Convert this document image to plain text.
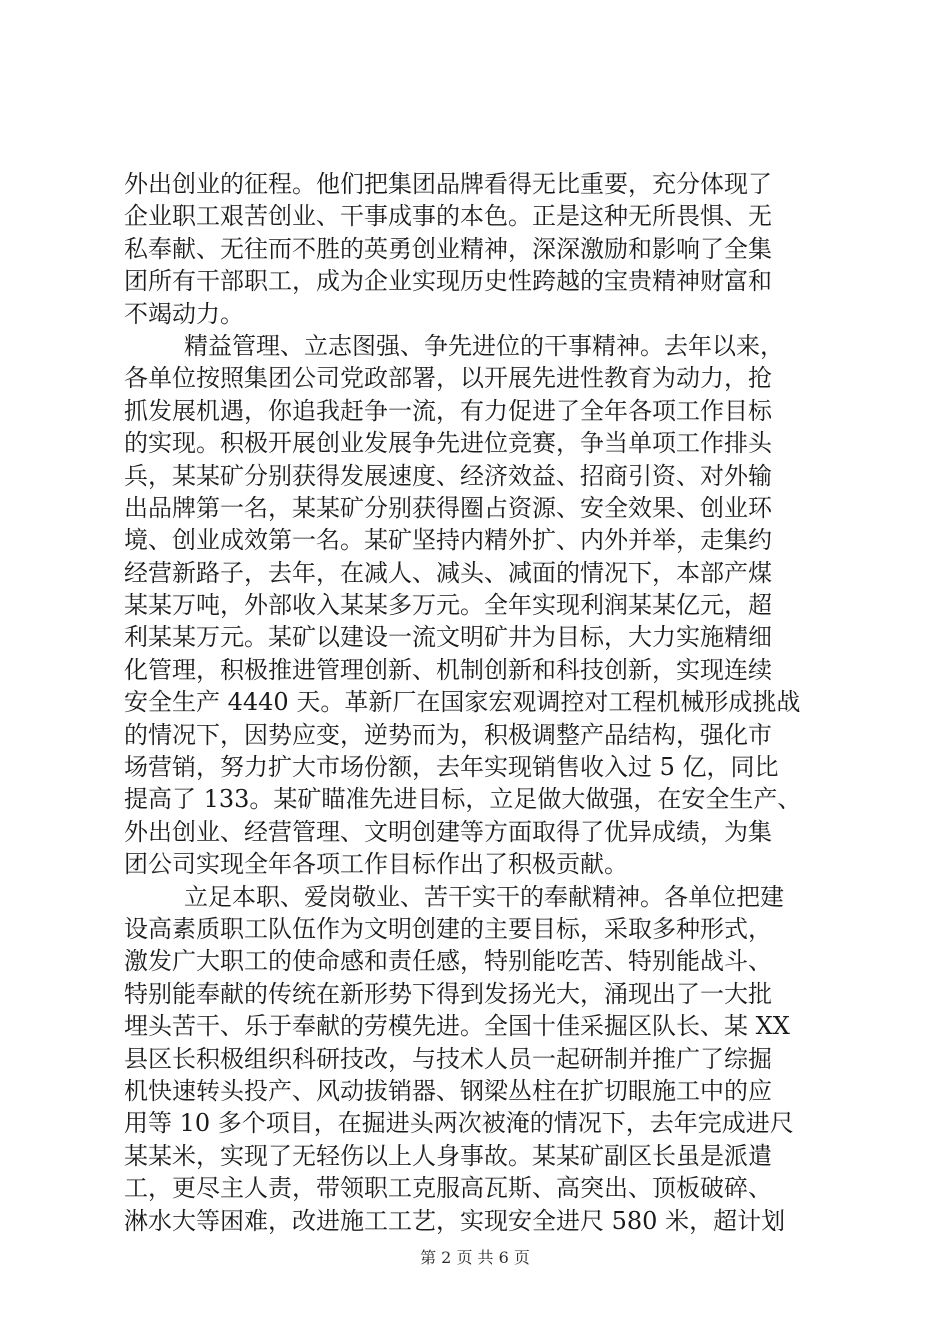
外出创业的征程。他们把集团品牌看得无比重要，充分体现了
企业职工艰苦创业、干事成事的本色。正是这种无所畏惧、无
私奉献、无往而不胜的英勇创业精神，深深激励和影响了全集
团所有干部职工，成为企业实现历史性跨越的宝贵精神财富和
不竭动力。
精益管理、立志图强、争先进位的干事精神。去年以来，
各单位按照集团公司党政部署，以开展先进性教育为动力，抢
抓发展机遇，你追我赶争一流，有力促进了全年各项工作目标
的实现。积极开展创业发展争先进位竞赛，争当单项工作排头
兵，某某矿分别获得发展速度、经济效益、招商引资、对外输
出品牌第一名，某某矿分别获得圈占资源、安全效果、创业环
境、创业成效第一名。某矿坚持内精外扩、内外并举，走集约
经营新路子，去年，在减人、减头、减面的情况下，本部产煤
某某万吨，外部收入某某多万元。全年实现利润某某亿元，超
利某某万元。某矿以建设一流文明矿井为目标，大力实施精细
化管理，积极推进管理创新、机制创新和科技创新，实现连续
安全生产 4440 天。革新厂在国家宏观调控对工程机械形成挑战
的情况下，因势应变，逆势而为，积极调整产品结构，强化市
场营销，努力扩大市场份额，去年实现销售收入过 5 亿，同比
提高了 133。某矿瞄准先进目标，立足做大做强，在安全生产、
外出创业、经营管理、文明创建等方面取得了优异成绩，为集
团公司实现全年各项工作目标作出了积极贡献。
立足本职、爱岗敬业、苦干实干的奉献精神。各单位把建
设高素质职工队伍作为文明创建的主要目标，采取多种形式，
激发广大职工的使命感和责任感，特别能吃苦、特别能战斗、
特别能奉献的传统在新形势下得到发扬光大，涌现出了一大批
埋头苦干、乐于奉献的劳模先进。全国十佳采掘区队长、某 XX
县区长积极组织科研技改，与技术人员一起研制并推广了综掘
机快速转头投产、风动拔销器、钢梁丛柱在扩切眼施工中的应
用等 10 多个项目，在掘进头两次被淹的情况下，去年完成进尺
某某米，实现了无轻伤以上人身事故。某某矿副区长虽是派遣
工，更尽主人责，带领职工克服高瓦斯、高突出、顶板破碎、
淋水大等困难，改进施工工艺，实现安全进尺 580 米，超计划
第 2 页 共 6 页
